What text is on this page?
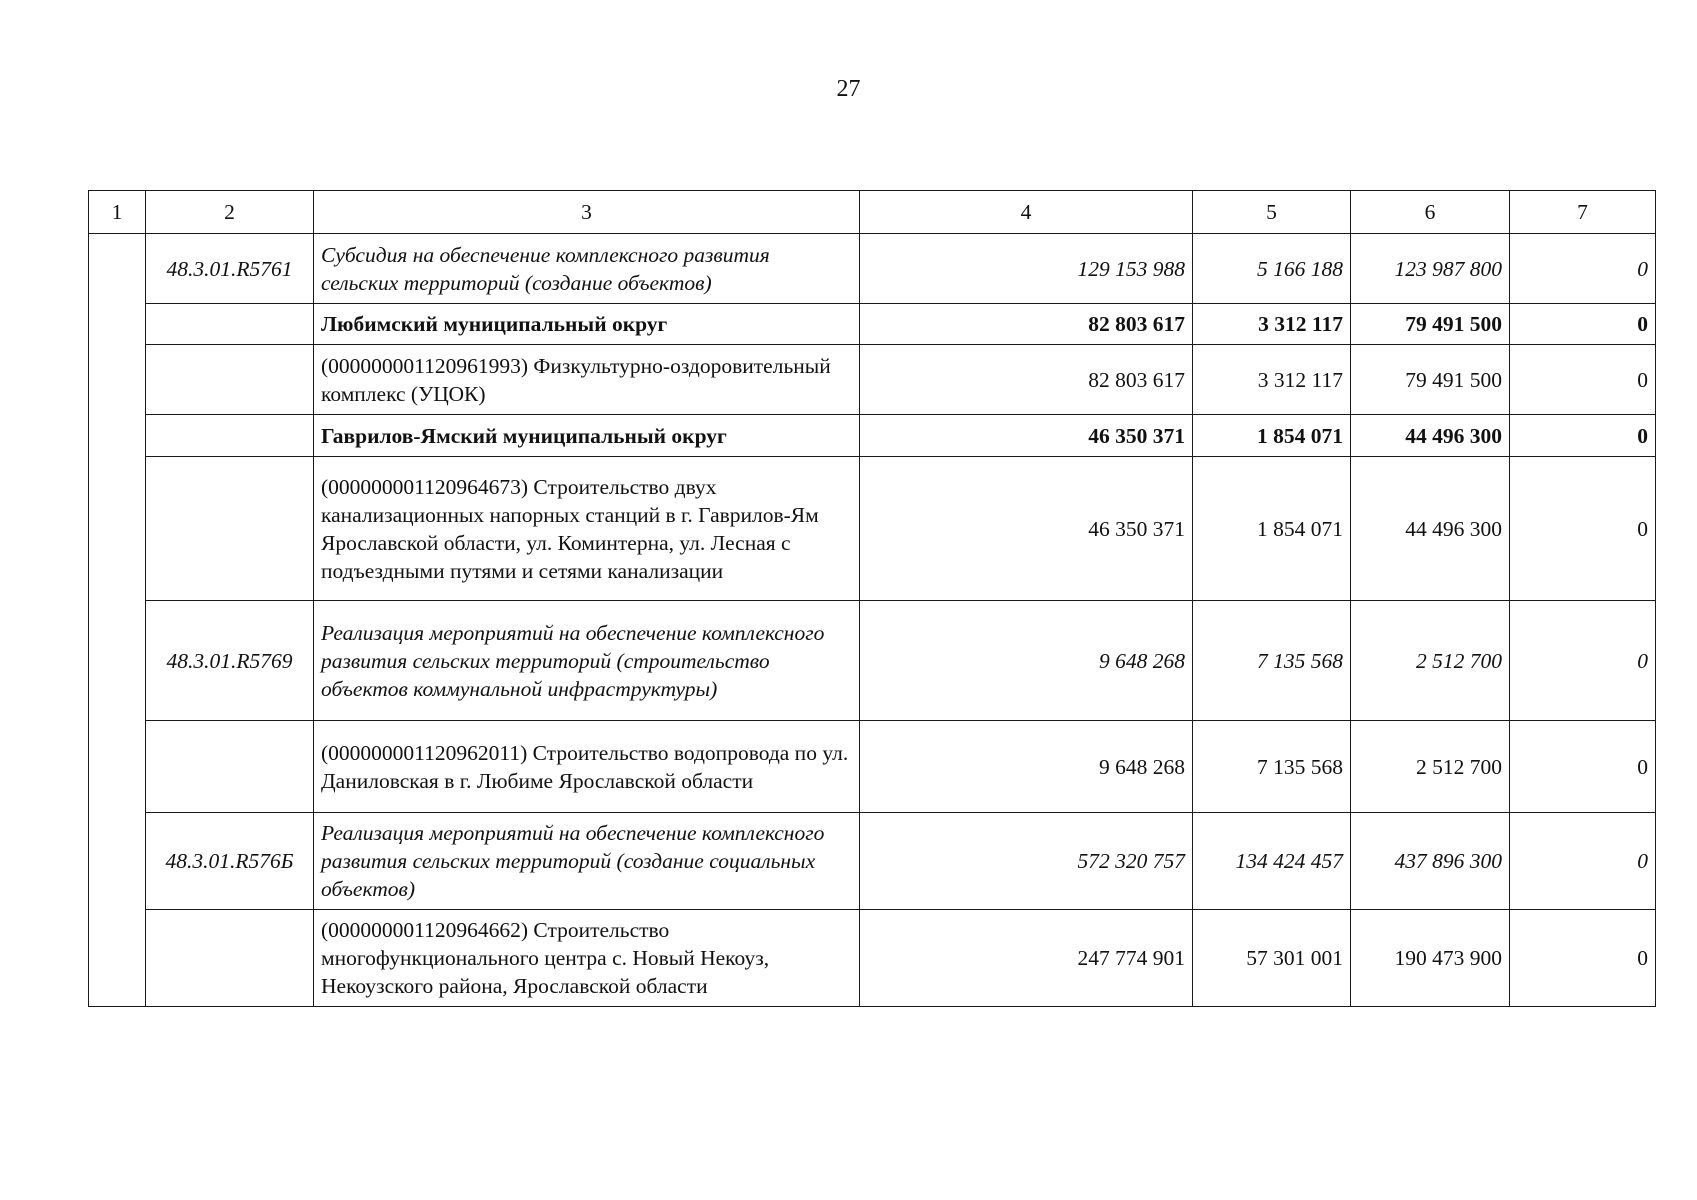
27
1	2	3	4	5	6	7
	48.3.01.R5761	Субсидия на обеспечение комплексного развития сельских территорий (создание объектов)	129 153 988	5 166 188	123 987 800	0
		Любимский муниципальный округ	82 803 617	3 312 117	79 491 500	0
		(000000001120961993) Физкультурно-оздоровительный комплекс (УЦОК)	82 803 617	3 312 117	79 491 500	0
		Гаврилов-Ямский муниципальный округ	46 350 371	1 854 071	44 496 300	0
		(000000001120964673) Строительство двух канализационных напорных станций в г. Гаврилов-Ям Ярославской области, ул. Коминтерна, ул. Лесная с подъездными путями и сетями канализации	46 350 371	1 854 071	44 496 300	0
	48.3.01.R5769	Реализация мероприятий на обеспечение комплексного развития сельских территорий (строительство объектов коммунальной инфраструктуры)	9 648 268	7 135 568	2 512 700	0
		(000000001120962011) Строительство водопровода по ул. Даниловская в г. Любиме Ярославской области	9 648 268	7 135 568	2 512 700	0
	48.3.01.R576Б	Реализация мероприятий на обеспечение комплексного развития сельских территорий (создание социальных объектов)	572 320 757	134 424 457	437 896 300	0
		(000000001120964662) Строительство многофункционального центра с. Новый Некоуз, Некоузского района, Ярославской области	247 774 901	57 301 001	190 473 900	0
